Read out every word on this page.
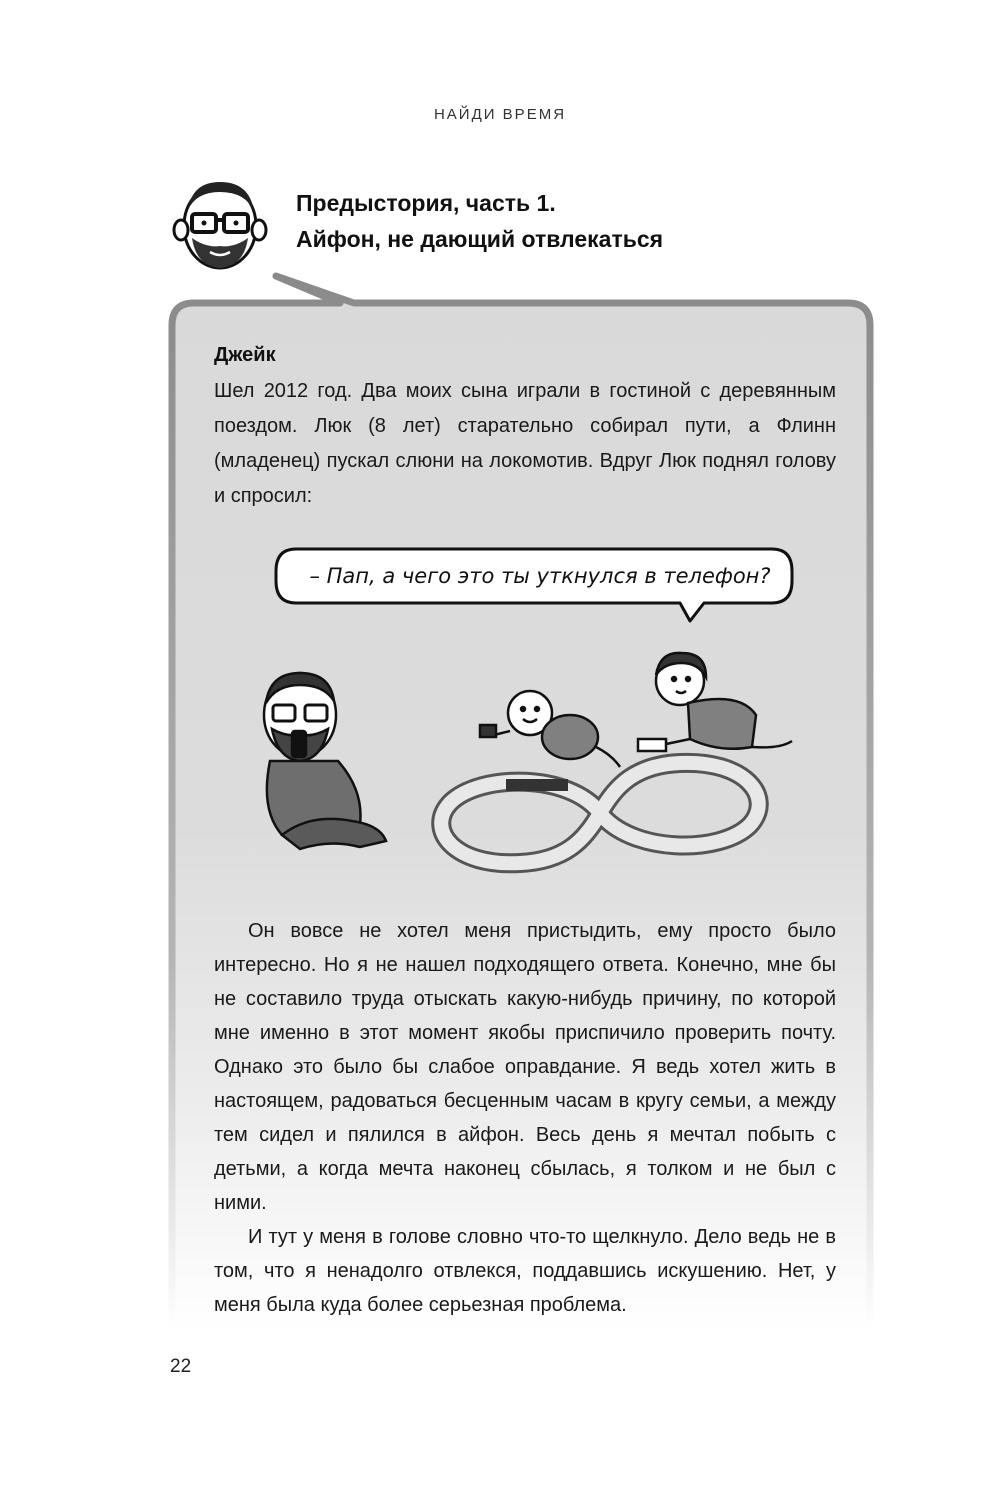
НАЙДИ ВРЕМЯ
Предыстория, часть 1.
Айфон, не дающий отвлекаться
Джейк

Шел 2012 год. Два моих сына играли в гостиной с деревянным поездом. Люк (8 лет) старательно собирал пути, а Флинн (младенец) пускал слюни на локомотив. Вдруг Люк поднял голову и спросил:

– Пап, а чего это ты уткнулся в телефон?

Он вовсе не хотел меня пристыдить, ему просто было интересно. Но я не нашел подходящего ответа. Конечно, мне бы не составило труда отыскать какую-нибудь причину, по которой мне именно в этот момент якобы приспичило проверить почту. Однако это было бы слабое оправдание. Я ведь хотел жить в настоящем, радоваться бесценным часам в кругу семьи, а между тем сидел и пялился в айфон. Весь день я мечтал побыть с детьми, а когда мечта наконец сбылась, я толком и не был с ними.

И тут у меня в голове словно что-то щелкнуло. Дело ведь не в том, что я ненадолго отвлекся, поддавшись искушению. Нет, у меня была куда более серьезная проблема.

22
